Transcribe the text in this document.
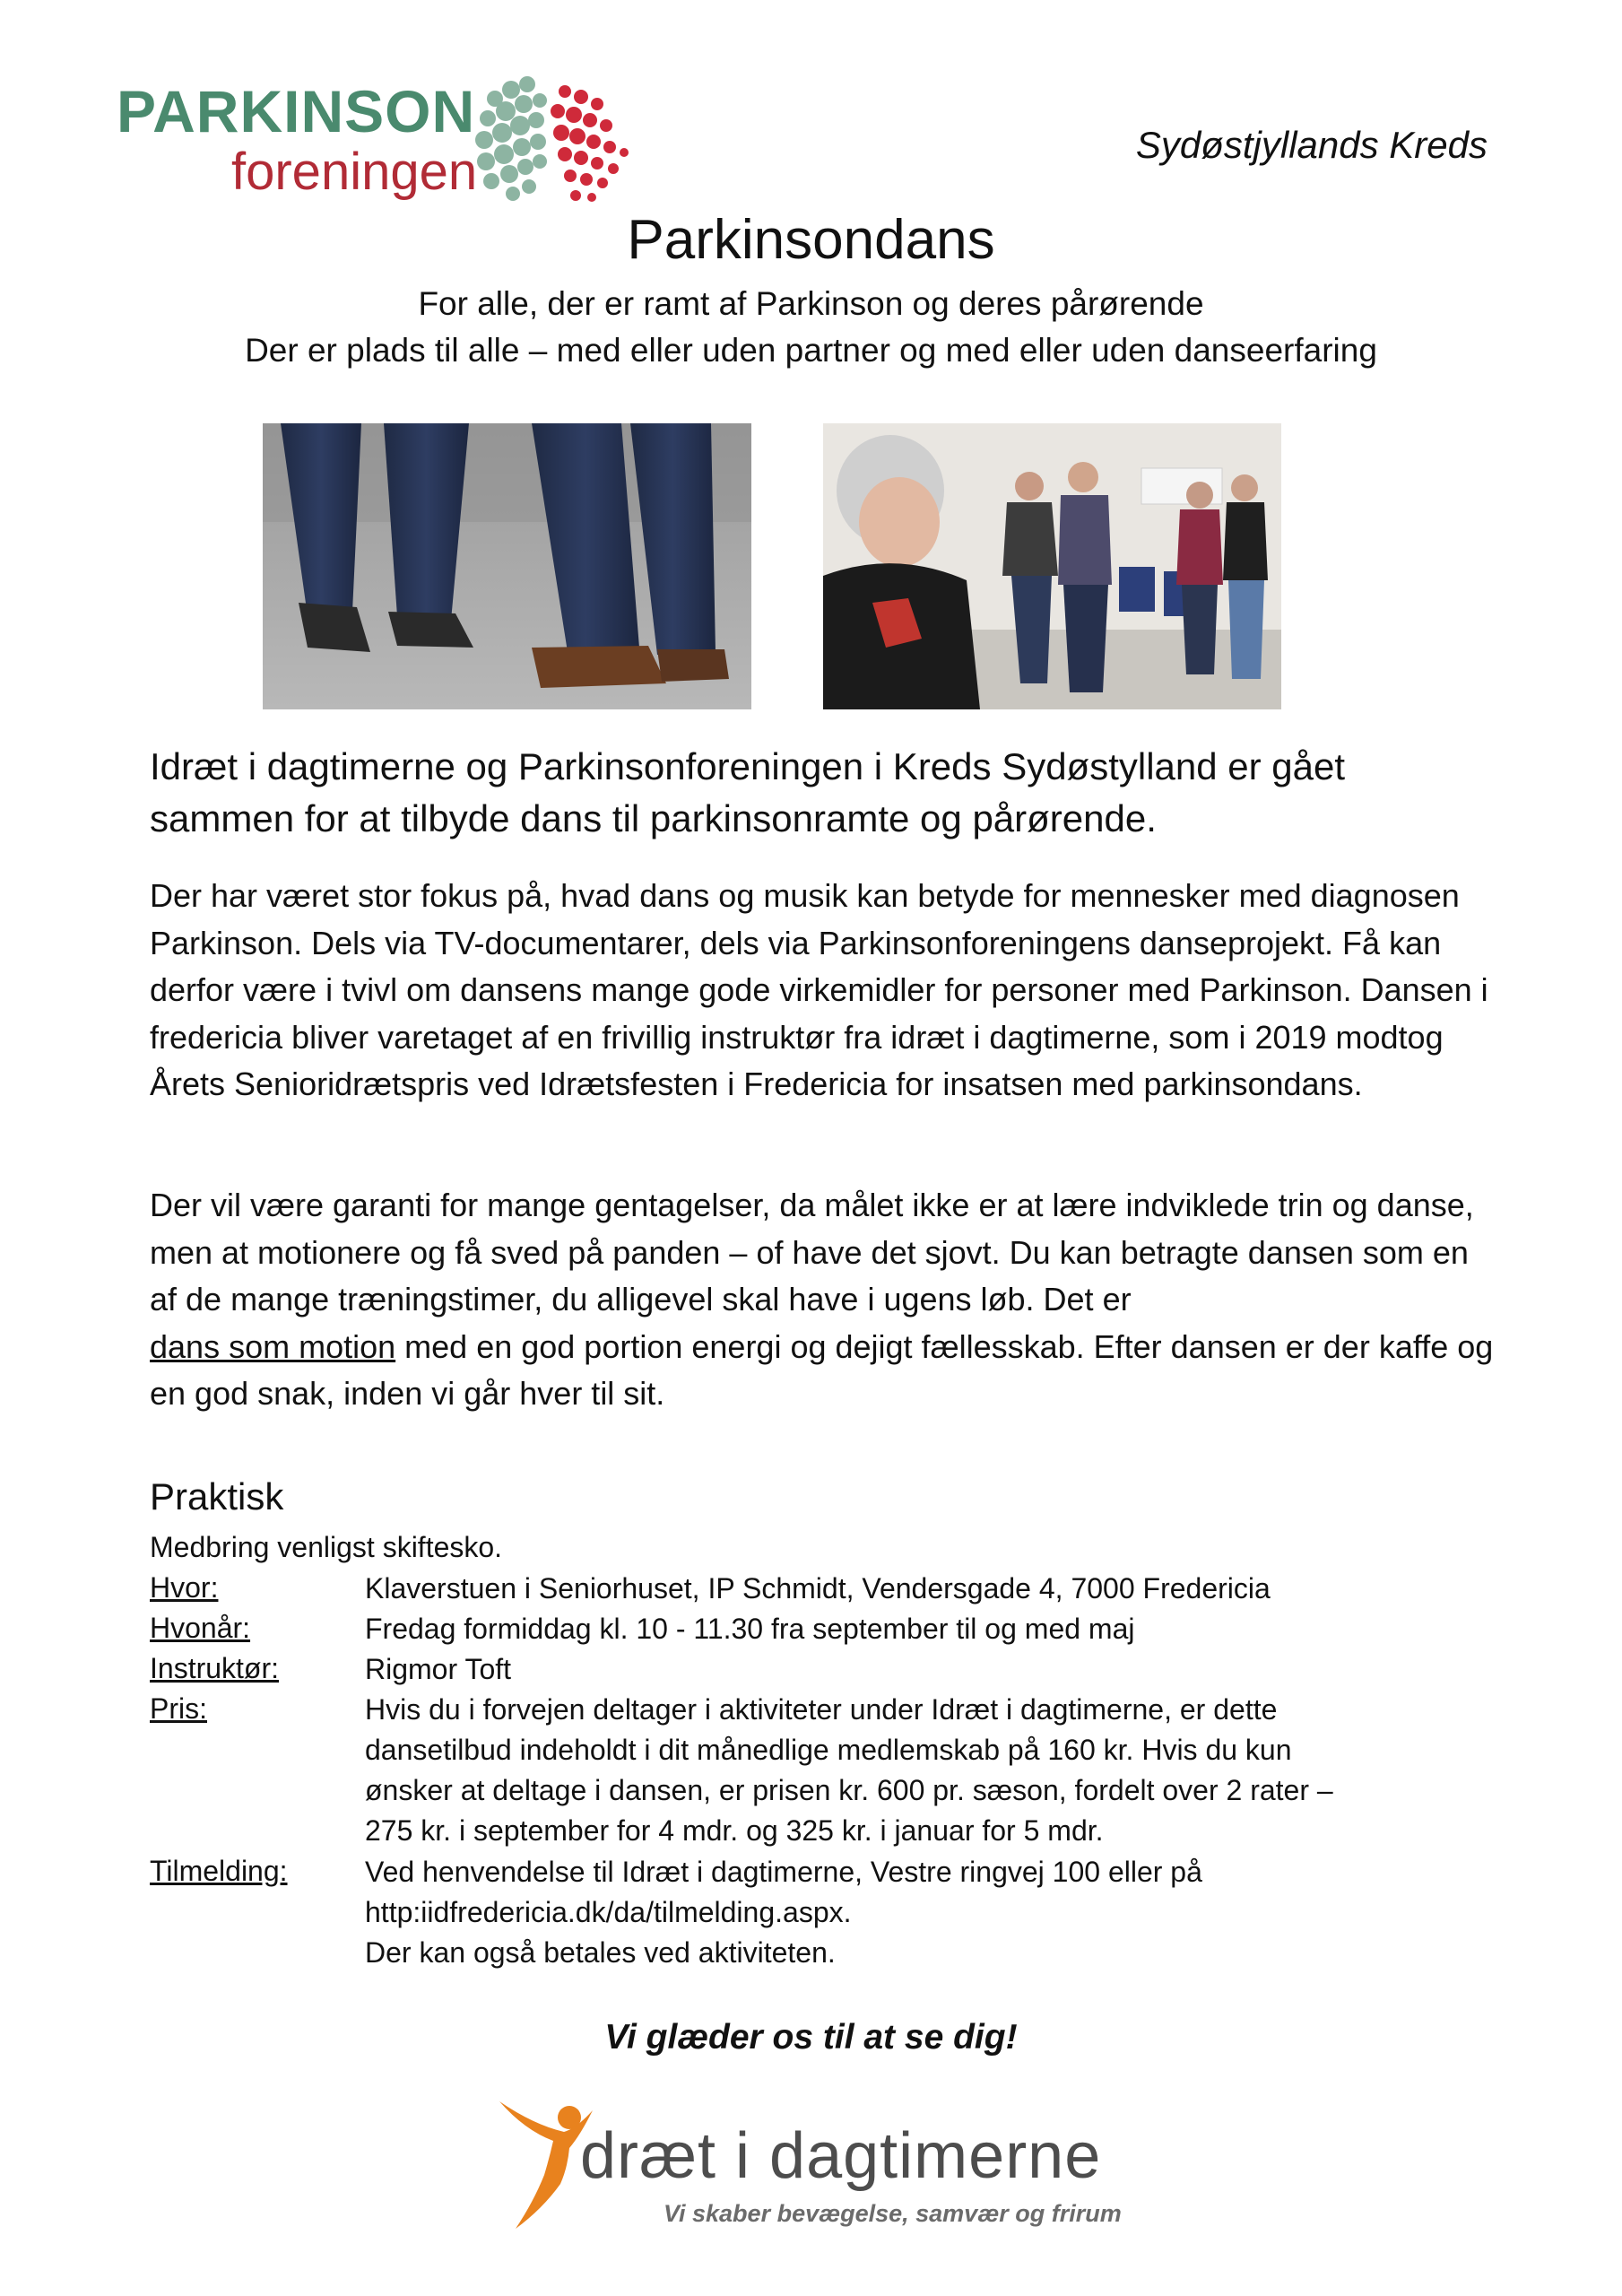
PARKINSON
foreningen	Sydøstjyllands Kreds
Parkinsondans
For alle, der er ramt af Parkinson og deres pårørende
Der er plads til alle – med eller uden partner og med eller uden danseerfaring
Idræt i dagtimerne og Parkinsonforeningen i Kreds Sydøstylland er gået sammen for at tilbyde dans til parkinsonramte og pårørende.
Der har været stor fokus på, hvad dans og musik kan betyde for mennesker med diagnosen Parkinson. Dels via TV-documentarer, dels via Parkinsonforeningens danseprojekt. Få kan derfor være i tvivl om dansens mange gode virkemidler for personer med Parkinson. Dansen i fredericia bliver varetaget af en frivillig instruktør fra idræt i dagtimerne, som i 2019 modtog Årets Senioridrætspris ved Idrætsfesten i Fredericia for insatsen med parkinsondans.
Der vil være garanti for mange gentagelser, da målet ikke er at lære indviklede trin og danse, men at motionere og få sved på panden – of have det sjovt. Du kan betragte dansen som en af de mange træningstimer, du alligevel skal have i ugens løb. Det er
dans som motion med en god portion energi og dejigt fællesskab. Efter dansen er der kaffe og en god snak, inden vi går hver til sit.
Praktisk
Medbring venligst skiftesko.
Hvor:	Klaverstuen i Seniorhuset, IP Schmidt, Vendersgade 4, 7000 Fredericia
Hvonår:	Fredag formiddag kl. 10 - 11.30 fra september til og med maj
Instruktør:	Rigmor Toft
Pris:	Hvis du i forvejen deltager i aktiviteter under Idræt i dagtimerne, er dette
dansetilbud indeholdt i dit månedlige medlemskab på 160 kr. Hvis du kun
ønsker at deltage i dansen, er prisen kr. 600 pr. sæson, fordelt over 2 rater –
275 kr. i september for 4 mdr. og 325 kr. i januar for 5 mdr.
Tilmelding:	Ved henvendelse til Idræt i dagtimerne, Vestre ringvej 100 eller på
http:iidfredericia.dk/da/tilmelding.aspx.
Der kan også betales ved aktiviteten.
Vi glæder os til at se dig!
dræt i dagtimerne
Vi skaber bevægelse, samvær og frirum
